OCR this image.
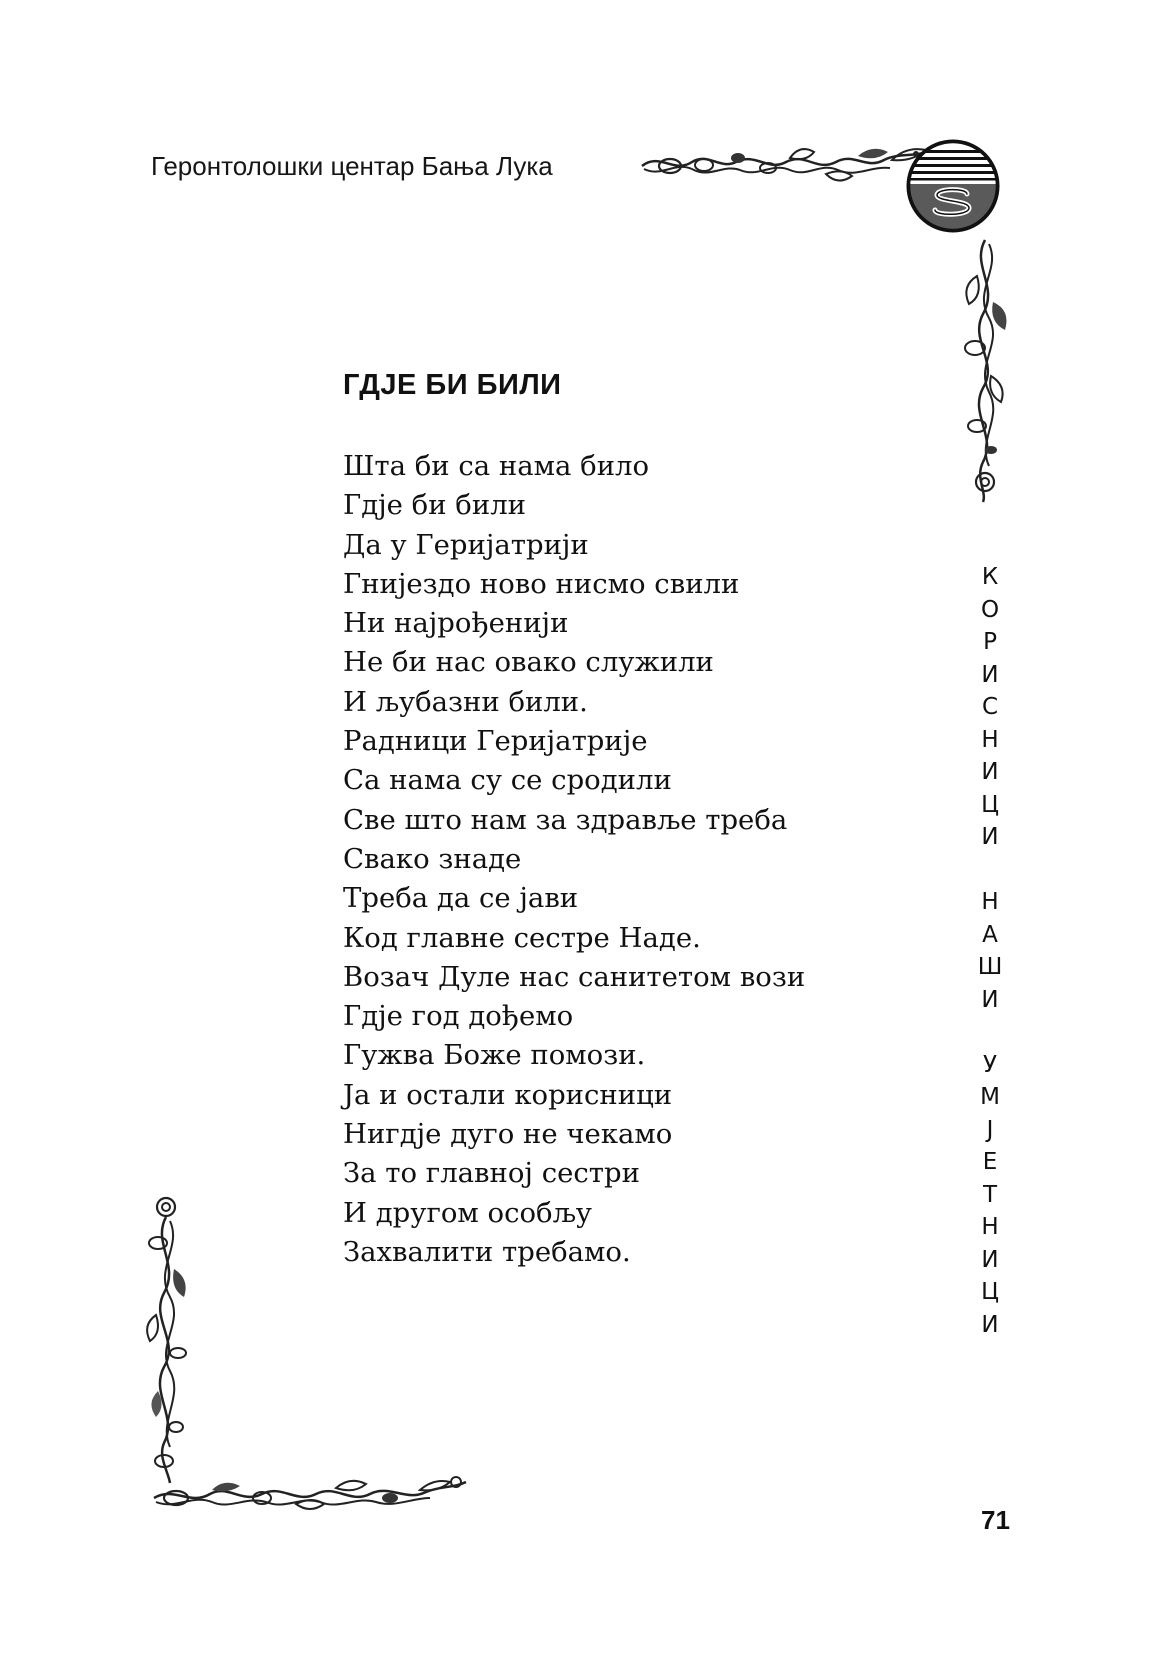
Геронтолошки центар Бања Лука
ГДЈЕ БИ БИЛИ
Шта би са нама било
Гдје би били
Да у Геријатрији
Гнијездо ново нисмо свили
Ни најрођенији
Не би нас овако служили
И љубазни били.
Радници Геријатрије
Са нама су се сродили
Све што нам за здравље треба
Свако знаде
Треба да се јави
Код главне сестре Наде.
Возач Дуле нас санитетом вози
Гдје год дођемо
Гужва Боже помози.
Ја и остали корисници
Нигдје дуго не чекамо
За то главној сестри
И другом особљу
Захвалити требамо.
К
О
Р
И
С
Н
И
Ц
И
Н
А
Ш
И
У
М
Ј
Е
Т
Н
И
Ц
И
71
